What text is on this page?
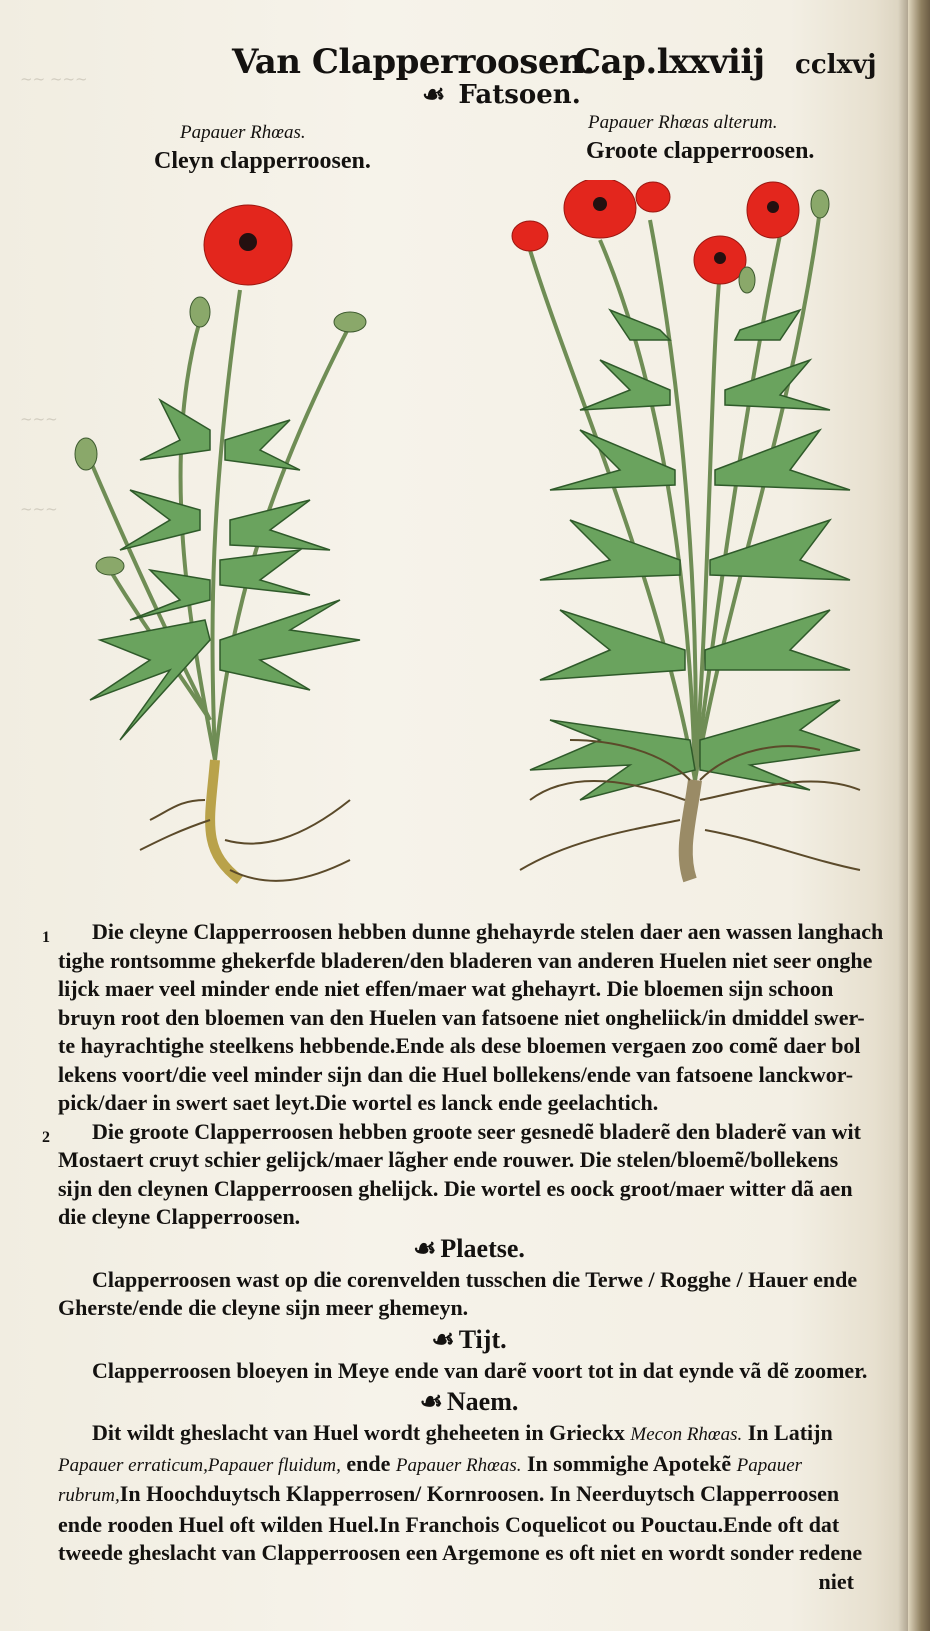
~~ ~~~
~~~
~~~
Van Clapperroosen.
Cap.lxxviij cclxvj
☙ Fatsoen.
Papauer Rhœas.
Cleyn clapperroosen.
Papauer Rhœas alterum.
Groote clapperroosen.
1	Die cleyne Clapperroosen hebben dunne ghehayrde stelen daer aen wassen langhach
tighe rontsomme ghekerfde bladeren/den bladeren van anderen Huelen niet seer onghe
lijck maer veel minder ende niet effen/maer wat ghehayrt. Die bloemen sijn schoon
bruyn root den bloemen van den Huelen van fatsoene niet ongheliick/in dmiddel swer-
te hayrachtighe steelkens hebbende.Ende als dese bloemen vergaen zoo comẽ daer bol
lekens voort/die veel minder sijn dan die Huel bollekens/ende van fatsoene lanckwor-
pick/daer in swert saet leyt.Die wortel es lanck ende geelachtich.
2	Die groote Clapperroosen hebben groote seer gesnedẽ bladerẽ den bladerẽ van wit
Mostaert cruyt schier gelijck/maer lãgher ende rouwer. Die stelen/bloemẽ/bollekens
sijn den cleynen Clapperroosen ghelijck. Die wortel es oock groot/maer witter dã aen
die cleyne Clapperroosen.
☙ Plaetse.
Clapperroosen wast op die corenvelden tusschen die Terwe / Rogghe / Hauer ende
Gherste/ende die cleyne sijn meer ghemeyn.
☙ Tijt.
Clapperroosen bloeyen in Meye ende van darẽ voort tot in dat eynde vã dẽ zoomer.
☙ Naem.
Dit wildt gheslacht van Huel wordt gheheeten in Grieckx Mecon Rhœas. In Latijn
Papauer erraticum,Papauer fluidum, ende Papauer Rhœas. In sommighe Apotekẽ Papauer
rubrum,In Hoochduytsch Klapperrosen/ Kornroosen. In Neerduytsch Clapperroosen
ende rooden Huel oft wilden Huel.In Franchois Coquelicot ou Pouctau.Ende oft dat
tweede gheslacht van Clapperroosen een Argemone es oft niet en wordt sonder redene
niet
